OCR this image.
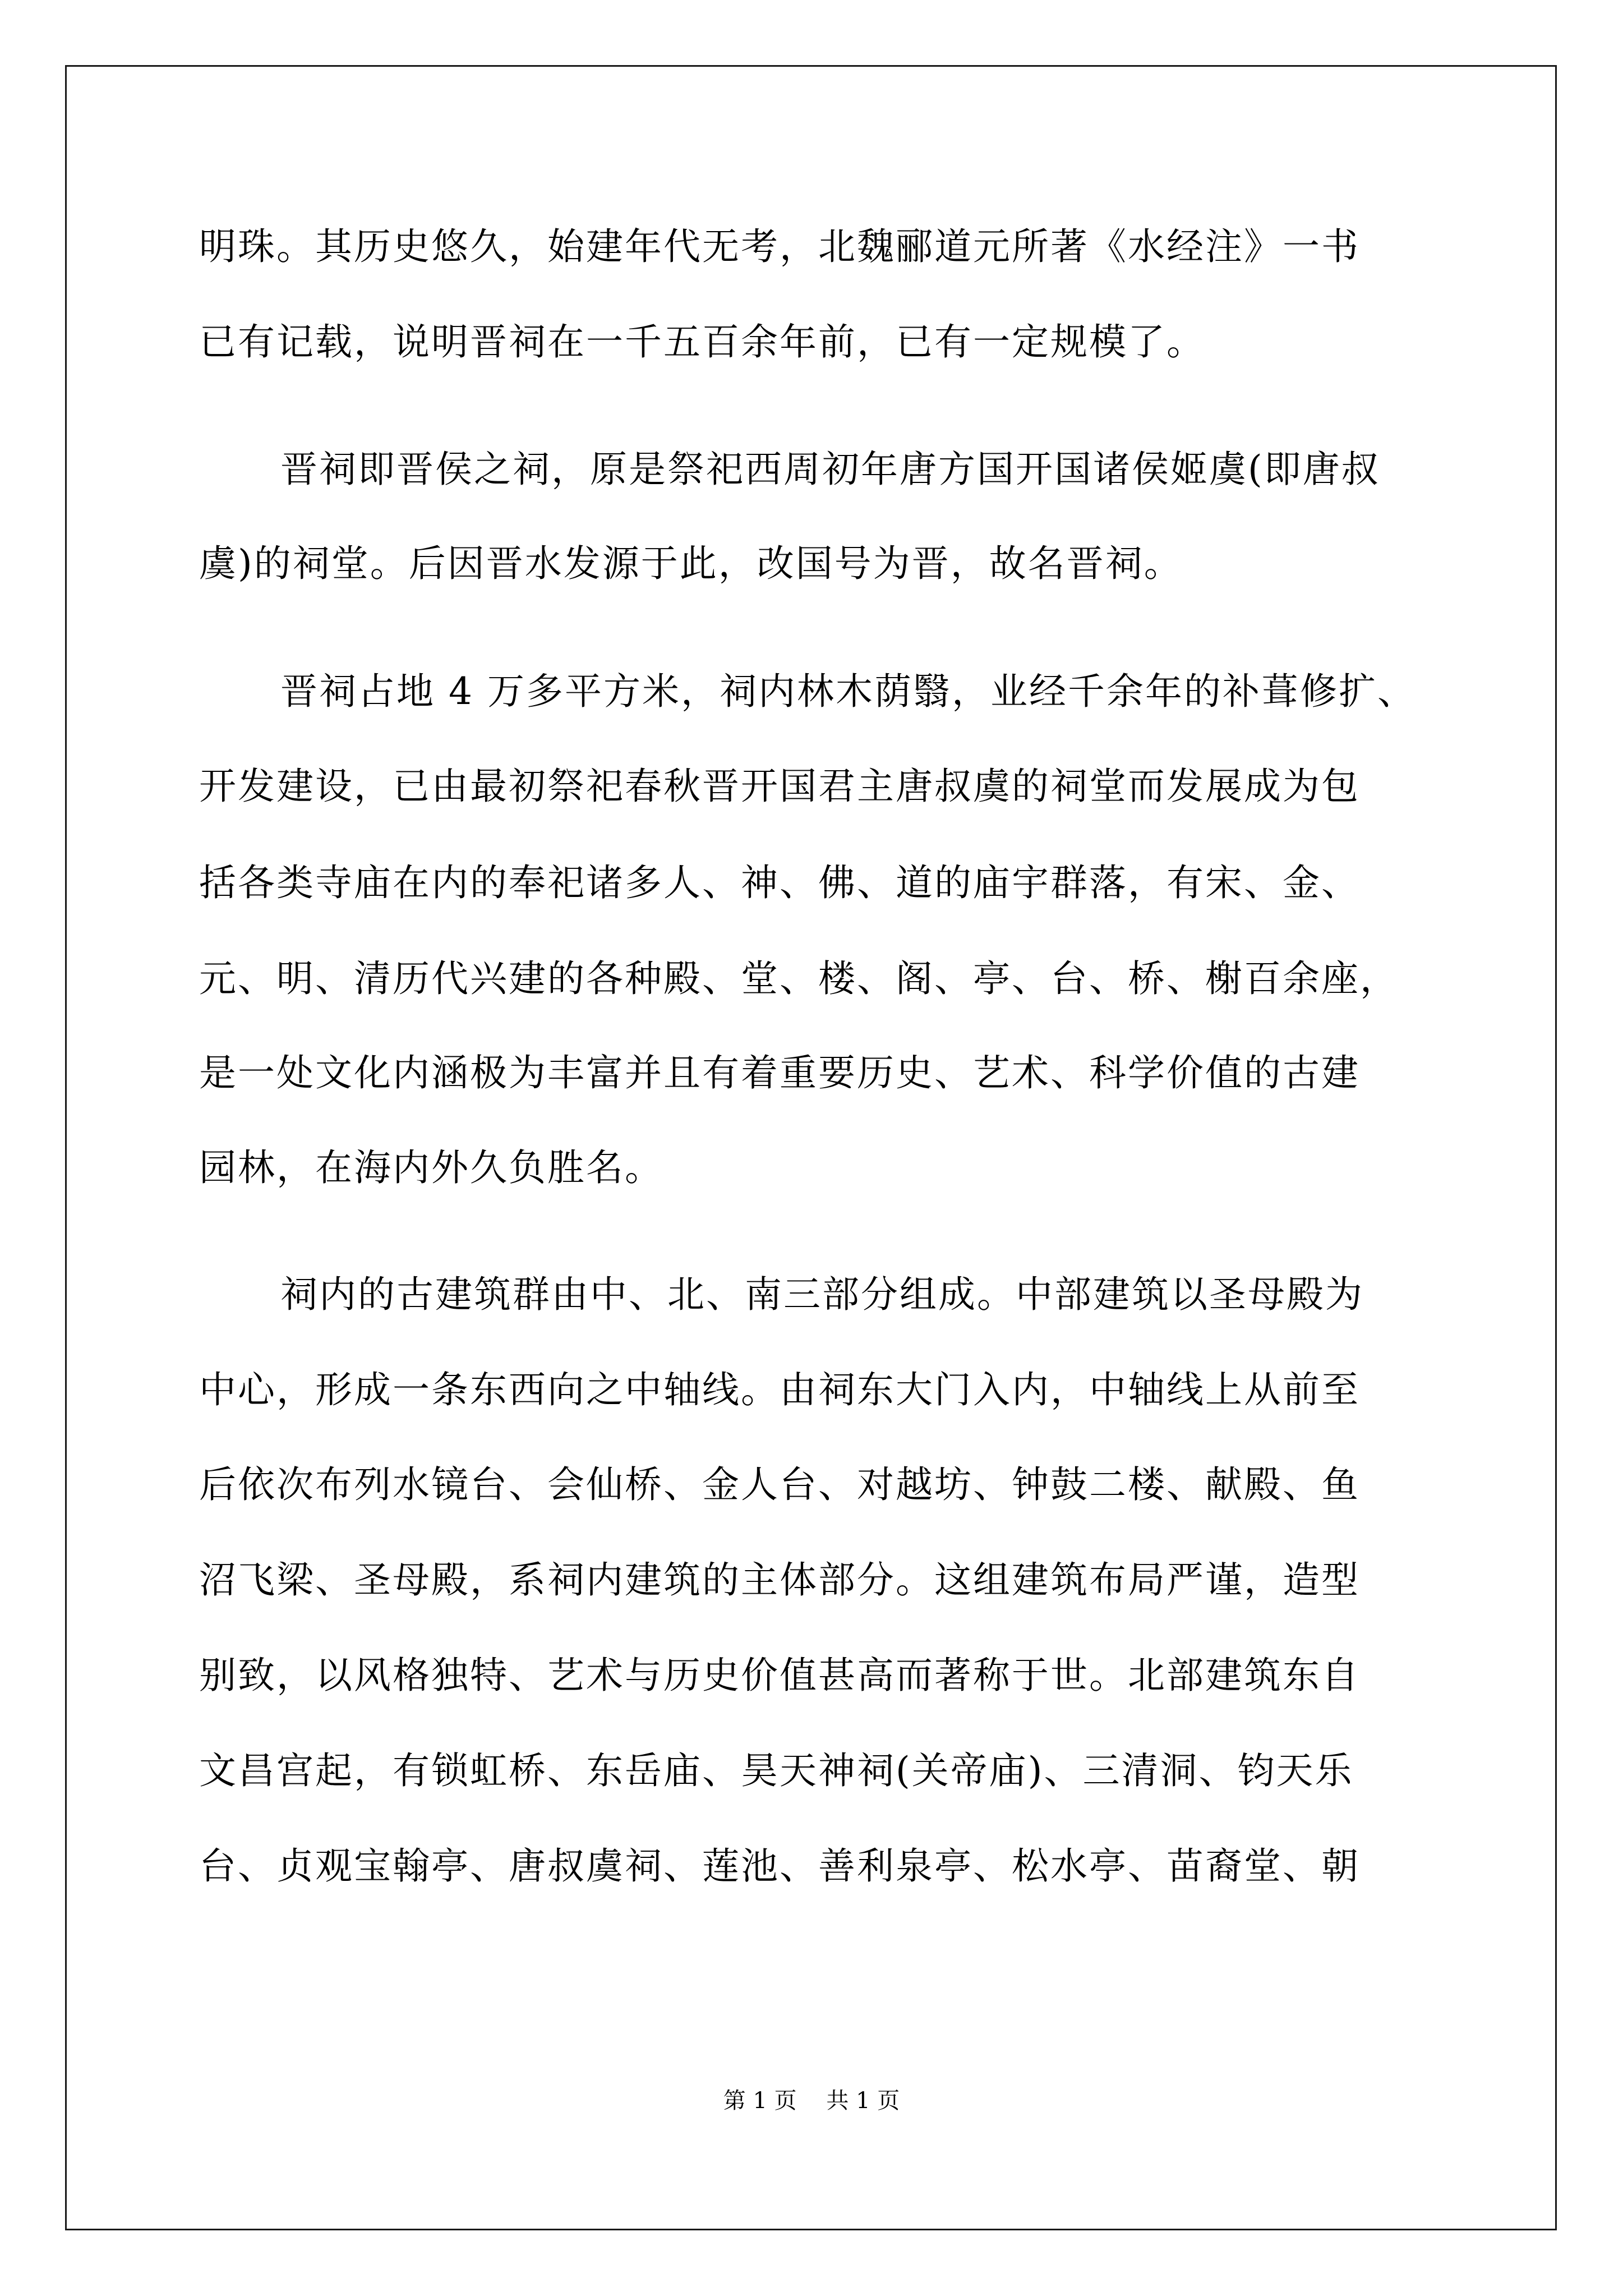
明珠。其历史悠久，始建年代无考，北魏郦道元所著《水经注》一书
已有记载，说明晋祠在一千五百余年前，已有一定规模了。
晋祠即晋侯之祠，原是祭祀西周初年唐方国开国诸侯姬虞(即唐叔
虞)的祠堂。后因晋水发源于此，改国号为晋，故名晋祠。
晋祠占地 4 万多平方米，祠内林木荫翳，业经千余年的补葺修扩、
开发建设，已由最初祭祀春秋晋开国君主唐叔虞的祠堂而发展成为包
括各类寺庙在内的奉祀诸多人、神、佛、道的庙宇群落，有宋、金、
元、明、清历代兴建的各种殿、堂、楼、阁、亭、台、桥、榭百余座，
是一处文化内涵极为丰富并且有着重要历史、艺术、科学价值的古建
园林，在海内外久负胜名。
祠内的古建筑群由中、北、南三部分组成。中部建筑以圣母殿为
中心，形成一条东西向之中轴线。由祠东大门入内，中轴线上从前至
后依次布列水镜台、会仙桥、金人台、对越坊、钟鼓二楼、献殿、鱼
沼飞梁、圣母殿，系祠内建筑的主体部分。这组建筑布局严谨，造型
别致，以风格独特、艺术与历史价值甚高而著称于世。北部建筑东自
文昌宫起，有锁虹桥、东岳庙、昊天神祠(关帝庙)、三清洞、钧天乐
台、贞观宝翰亭、唐叔虞祠、莲池、善利泉亭、松水亭、苗裔堂、朝
第 1 页 共 1 页
